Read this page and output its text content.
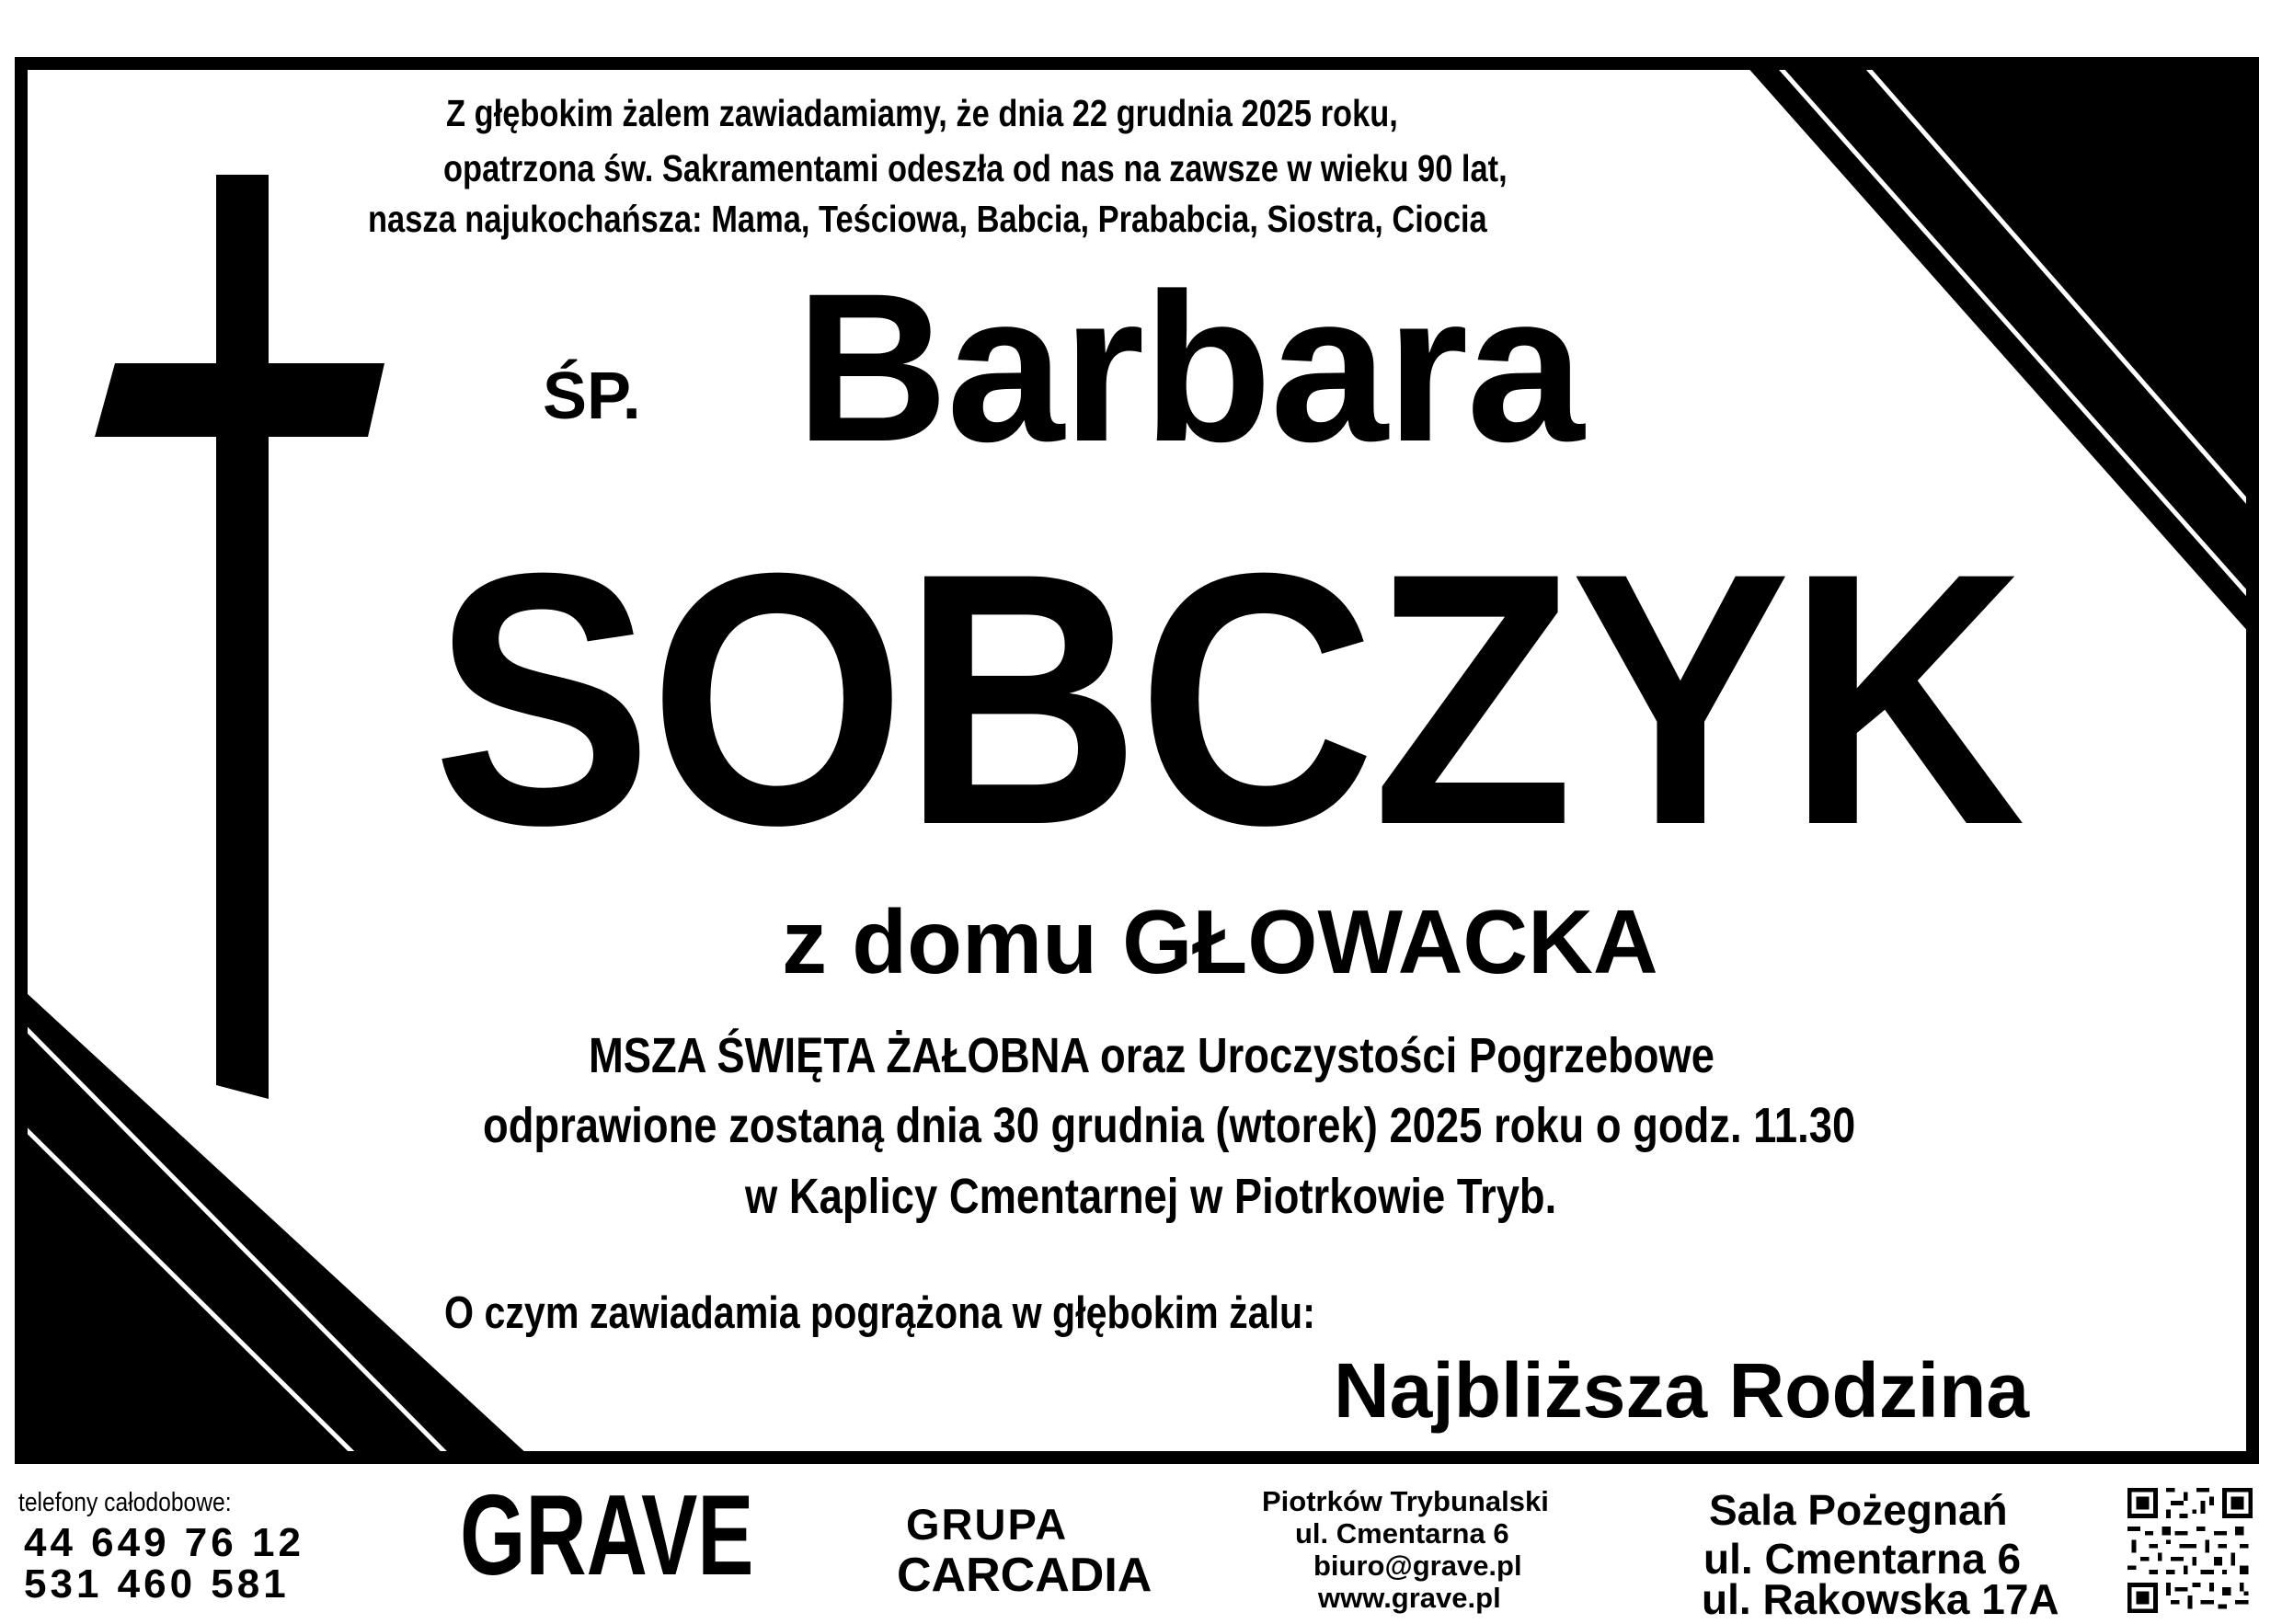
Z głębokim żalem zawiadamiamy, że dnia 22 grudnia 2025 roku,
opatrzona św. Sakramentami odeszła od nas na zawsze w wieku 90 lat,
nasza najukochańsza: Mama, Teściowa, Babcia, Prababcia, Siostra, Ciocia
ŚP. Barbara
SOBCZYK
z domu GŁOWACKA
MSZA ŚWIĘTA ŻAŁOBNA oraz Uroczystości Pogrzebowe
odprawione zostaną dnia 30 grudnia (wtorek) 2025 roku o godz. 11.30
w Kaplicy Cmentarnej w Piotrkowie Tryb.
O czym zawiadamia pogrążona w głębokim żalu:
Najbliższa Rodzina
telefony całodobowe:
44 649 76 12
531 460 581 GRAVE	GRUPA
CARCADIA
Piotrków Trybunalski
ul. Cmentarna 6
biuro@grave.pl
www.grave.pl
Sala Pożegnań
ul. Cmentarna 6
ul. Rakowska 17A
